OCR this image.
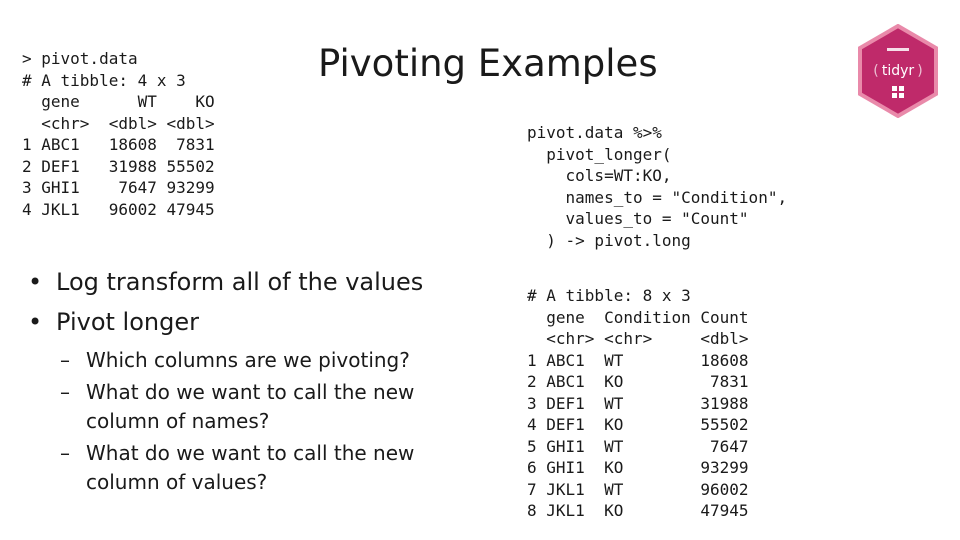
> pivot.data
# A tibble: 4 x 3
gene      WT    KO
<chr>  <dbl> <dbl>
1 ABC1   18608  7831
2 DEF1   31988 55502
3 GHI1    7647 93299
4 JKL1   96002 47945
Pivoting Examples
pivot.data %>%
pivot_longer(
cols=WT:KO,
names_to = "Condition",
values_to = "Count"
) -> pivot.long
# A tibble: 8 x 3
gene  Condition Count
<chr> <chr>     <dbl>
1 ABC1  WT        18608
2 ABC1  KO         7831
3 DEF1  WT        31988
4 DEF1  KO        55502
5 GHI1  WT         7647
6 GHI1  KO        93299
7 JKL1  WT        96002
8 JKL1  KO        47945
• Log transform all of the values
• Pivot longer
– Which columns are we pivoting?
– What do we want to call the new column of names?
– What do we want to call the new column of values?
tidyr
(	)
